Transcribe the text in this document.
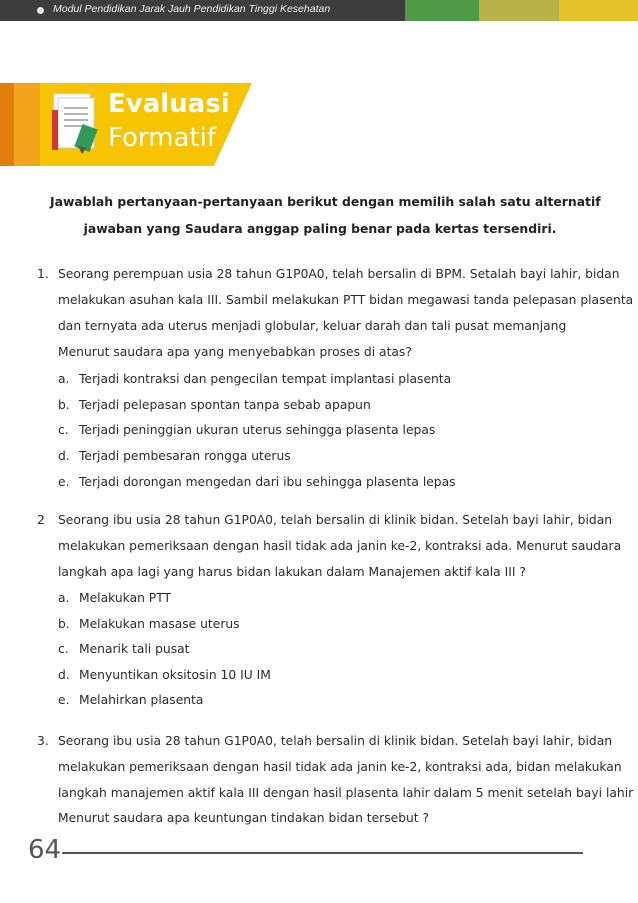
Modul Pendidikan Jarak Jauh Pendidikan Tinggi Kesehatan
Evaluasi
Formatif
Jawablah pertanyaan-pertanyaan berikut dengan memilih salah satu alternatif
jawaban yang Saudara anggap paling benar pada kertas tersendiri.
1. Seorang perempuan usia 28 tahun G1P0A0, telah bersalin di BPM. Setalah bayi lahir, bidan
melakukan asuhan kala III. Sambil melakukan PTT bidan megawasi tanda pelepasan plasenta
dan ternyata ada uterus menjadi globular, keluar darah dan tali pusat memanjang
Menurut saudara apa yang menyebabkan proses di atas?
a. Terjadi kontraksi dan pengecilan tempat implantasi plasenta
b. Terjadi pelepasan spontan tanpa sebab apapun
c. Terjadi peninggian ukuran uterus sehingga plasenta lepas
d. Terjadi pembesaran rongga uterus
e. Terjadi dorongan mengedan dari ibu sehingga plasenta lepas
2 Seorang ibu usia 28 tahun G1P0A0, telah bersalin di klinik bidan. Setelah bayi lahir, bidan
melakukan pemeriksaan dengan hasil tidak ada janin ke-2, kontraksi ada. Menurut saudara
langkah apa lagi yang harus bidan lakukan dalam Manajemen aktif kala III ?
a. Melakukan PTT
b. Melakukan masase uterus
c. Menarik tali pusat
d. Menyuntikan oksitosin 10 IU IM
e. Melahirkan plasenta
3. Seorang ibu usia 28 tahun G1P0A0, telah bersalin di klinik bidan. Setelah bayi lahir, bidan
melakukan pemeriksaan dengan hasil tidak ada janin ke-2, kontraksi ada, bidan melakukan
langkah manajemen aktif kala III dengan hasil plasenta lahir dalam 5 menit setelah bayi lahir
Menurut saudara apa keuntungan tindakan bidan tersebut ?
64
